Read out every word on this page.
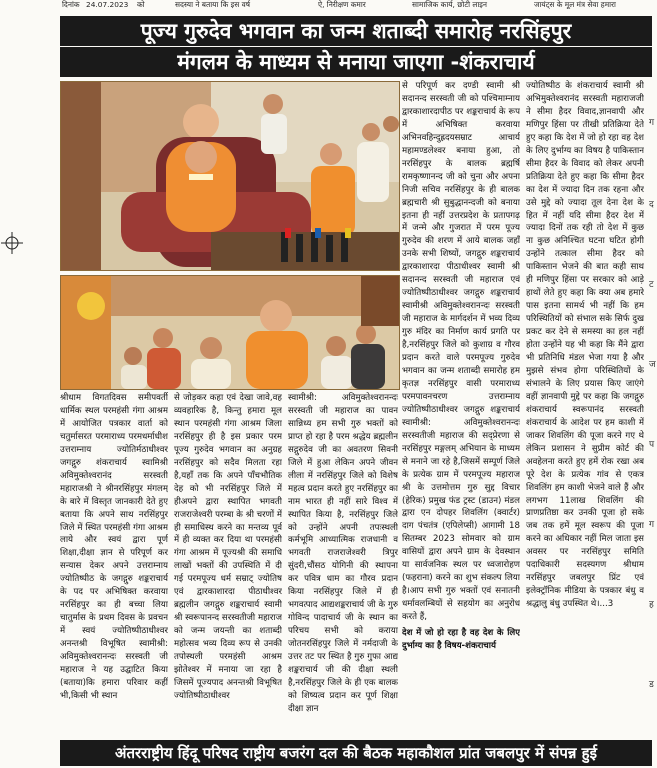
दिनांक 24.07.2023 को	सदस्या ने बताया कि इस वर्ष	ऐ, निरीक्षण कमार	सामाजिक कार्य, छोटी लाइन	जायंट्स के मूल मंत्र सेवा हमारा
पूज्य गुरुदेव भगवान का जन्म शताब्दी समारोह नरसिंहपुर
मंगलम के माध्यम से मनाया जाएगा -शंकराचार्य

से परिपूर्ण कर दण्डी स्वामी श्री सदानन्द सरस्वती जी को पश्चिमाम्नाय द्वारकाशारदापीठ पर शङ्कराचार्य के रूप में अभिषिक्त करवाया अभिनवहिन्दुह्रदयसम्राट आचार्य महामण्डलेश्वर बनाया हुआ, तो नरसिंहपुर के बालक ब्रह्मर्षि रामकृष्णानन्द जी को चुना और अपना निजी सचिव नरसिंहपुर के ही बालक ब्रह्मचारी श्री सुबुद्धानन्दजी को बनाया इतना ही नहीं उत्तरप्रदेश के प्रतापगढ़ में जन्मे और गुजरात में परम पूज्य गुरुदेव की शरण में आये बालक जहाँ उनके सभी शिष्यों, जगद्गुरु शङ्कराचार्य द्वारकाशारदा पीठाधीश्वर स्वामी श्री सदानन्द सरस्वती जी महाराज एवं ज्योतिष्पीठाधीश्वर जगद्गुरु शङ्कराचार्य स्वामीश्री अविमुक्तेश्वरानन्दः सरस्वती जी महाराज के मार्गदर्शन में भव्य दिव्य गुरु मंदिर का निर्माण कार्य प्रगति पर है,नरसिंहपुर जिले को कुशाग्र व गौरव प्रदान करते वाले परमपूज्य गुरुदेव भगवान का जन्म शताब्दी समारोह हम कृतज्ञ नरसिंहपुर वासी परमाराध्य परमपावनचरण उत्तराम्नाय ज्योतिष्पीठाधीश्वर जगद्गुरु शङ्कराचार्य स्वामीश्री: अविमुक्तेश्वरानन्दः सरस्वतीजी महाराज की सद्प्रेरणा से नरसिंहपुर मङ्गलम् अभियान के माध्यम से मनाने जा रहे है,जिसमें सम्पूर्ण जिले के प्रत्येक ग्राम में परमपूज्य महाराज श्री के उत्तमोत्तम गुरु सुद्द विचार (हेरिक) प्रमुख फंड ट्रस्ट (डाउन) मंडल द्वारा एन दोपहर शिवलिंग (क्वार्टर) दाग पंचतंत्र (एपिलेप्सी) आगामी 18 सितम्बर 2023 सोमवार को ग्राम वासियों द्वारा अपने ग्राम के देवस्थान या सार्वजनिक स्थल पर ध्वजारोहण (फहराना) करने का शुभ संकल्प लिया है।आप सभी गुरु भक्तों एवं सनातनी धर्मावलम्बियों से सहयोग का अनुरोध करते हैं,

देश में जो हो रहा है वह देश के लिए दुर्भाग्य का है विषय-शंकराचार्य

ज्योतिष्पीठ के शंकराचार्य स्वामी श्री अभिमुक्तेश्वरानंद सरस्वती महाराजजी ने सीमा हैदर विवाद,ज्ञानवापी और मणिपुर हिंसा पर तीखी प्रतिक्रिया देते हुए कहा कि देश में जो हो रहा वह देश के लिए दुर्भाग्य का विषय है पाकिस्तान सीमा हैदर के विवाद को लेकर अपनी प्रतिक्रिया देते हुए कहा कि सीमा हैदर का देश में ज्यादा दिन तक रहना और उसे मुद्दे को ज्यादा तूल देना देश के हित में नहीं यदि सीमा हैदर देश में ज्यादा दिनों तक रही तो देश में कुछ ना कुछ अनिश्चित घटना घटित होगी उन्होंने तत्काल सीमा हैदर को पाकिस्तान भेजने की बात कही साथ ही मणिपुर हिंसा पर सरकार को आड़े हाथों लेते हुए कहा कि क्या अब हमारे पास इतना सामर्थ भी नहीं कि हम परिस्थितियों को संभाल सके सिर्फ दुख प्रकट कर देने से समस्या का हल नहीं होता उन्होंने यह भी कहा कि मैंने द्वारा भी प्रतिनिधि मंडल भेजा गया है और मुझसे संभव होगा परिस्थितियों के संभालने के लिए प्रयास किए जाएंगे वहीं ज्ञानवापी मुद्दे पर कहा कि जगद्गुरु शंकराचार्य स्वरूपानंद सरस्वती शंकराचार्य के आदेश पर हम काशी में जाकर शिवलिंग की पूजा करने गए थे लेकिन प्रशासन ने सुप्रीम कोर्ट की अवहेलना करते हुए हमें रोक रखा अब पूरे देश के प्रत्येक गांव से एकत्र शिवलिंग हम काशी भेजने वाले हैं और लगभग 11लाख शिवलिंग की प्राणप्रतिष्ठा कर उनकी पूजा हो सके जब तक हमें मूल स्वरूप की पूजा करने का अधिकार नहीं मिल जाता इस अवसर पर नरसिंहपुर समिति पदाधिकारी सदस्यगण श्रीधाम नरसिंहपुर जबलपुर प्रिंट एवं इलेक्ट्रॉनिक मीडिया के पत्रकार बंधु व श्रद्धालु बंधु उपस्थित थे।...3

श्रीधाम विगतदिवस समीपवर्ती धार्मिक स्थल परमहंसी गंगा आश्रम में आयोजित पत्रकार वार्ता को चतुर्मासरत परमाराध्य परमधर्माधीश उत्तराम्नाय ज्योतिर्मठाधीश्वर जगद्गुरु शंकराचार्य स्वामिश्री अविमुक्तेश्वरानंद सरस्वती महाराजश्री ने श्रीनरसिंहपुर मंगलम् के बारे में विस्तृत जानकारी देते हुए बताया कि अपने साथ नरसिंहपुर जिले में स्थित परमहंसी गंगा आश्रम लाये और स्वयं द्वारा पूर्ण शिक्षा,दीक्षा ज्ञान से परिपूर्ण कर सन्यास देकर अपने उत्तराम्नाय ज्योतिष्पीठ के जगद्गुरु शङ्कराचार्य के पद पर अभिषिक्त करवाया नरसिंहपुर का ही बच्चा लिया चातुर्मास के प्रथम दिवस के प्रवचन में स्वयं ज्योतिष्पीठाधीश्वर अनन्तश्री विभूषित स्वामीश्री: अविमुक्तेश्वरानन्दः सरस्वती जी महाराज ने यह उद्घाटित किया (बताया)कि हमारा परिवार कहीं भी,किसी भी स्थान

से जोड़कर कहा एवं देखा जावे,वह व्यवहारिक है, किन्तु हमारा मूल स्थान परमहंसी गंगा आश्रम जिला नरसिंहपुर ही है इस प्रकार परम पूज्य गुरुदेव भगवान का अनुग्रह नरसिंहपुर को सदैव मिलता रहा है,यहाँ तक कि अपने पाँचभौतिक देह को भी नरसिंहपुर जिले में हीअपने द्वारा स्थापित भगवती राजराजेश्वरी परम्बा के श्री चरणों में ही समाधिस्थ करने का मन्तव्य पूर्व में ही व्यक्त कर दिया था परमहंसी गंगा आश्रम में पूज्यश्री की समाधि लाखों भक्तों की उपस्थिति में दी गई परमपूज्य धर्म सम्राट् ज्योतिष एवं द्वारकाशारदा पीठाधीश्वर ब्रह्मलीन जगद्गुरु शङ्कराचार्य स्वामी श्री स्वरूपानन्द सरस्वतीजी महाराज को जन्म जयन्ती का शताब्दी महोत्सव भव्य दिव्य रूप से उनकी तपोस्थली परमहंसी आश्रम झोतेश्वर में मनाया जा रहा है जिसमें पूज्यपाद अनन्तश्री विभूषित ज्योतिष्पीठाधीश्वर

स्वामीश्री: अविमुक्तेश्वरानन्दः सरस्वती जी महाराज का पावन सान्निध्य हम सभी गुरु भक्तों को प्राप्त हो रहा है परम श्रद्धेय ब्रह्मलीन सद्गुरुदेव जी का अवतरण सिवनी जिले में हुआ लेकिन अपने जीवन लीला में नरसिंहपुर जिले को विशेष महत्व प्रदान करते हुए नरसिंहपुर का नाम भारत ही नहीं सारे विश्व में स्थापित किया है, नरसिंहपुर जिले को उन्होंने अपनी तपःस्थली कर्मभूमि आध्यात्मिक राजधानी व भगवती राजराजेश्वरी त्रिपुर सुंदरी,चौंसठ योगिनी की स्थापना कर पवित्र धाम का गौरव प्रदान किया नरसिंहपुर जिले में ही भगवत्पाद आद्यशङ्कराचार्य जी के गुरु गोविन्द पादाचार्य जी के स्थान का परिचय सभी को कराया जोतनरसिंहपुर जिले में नर्मदाजी के उत्तर तट पर स्थित है गुरु गुफा आद्य शङ्कराचार्य जी की दीक्षा स्थली है,नरसिंहपुर जिले के ही एक बालक को शिष्यत्व प्रदान कर पूर्ण शिक्षा दीक्षा ज्ञान

ग
द
ट
ज
प
ग
ह
ड
अंतरराष्ट्रीय हिंदू परिषद राष्ट्रीय बजरंग दल की बैठक महाकौशल प्रांत जबलपुर में संपन्न हुई
